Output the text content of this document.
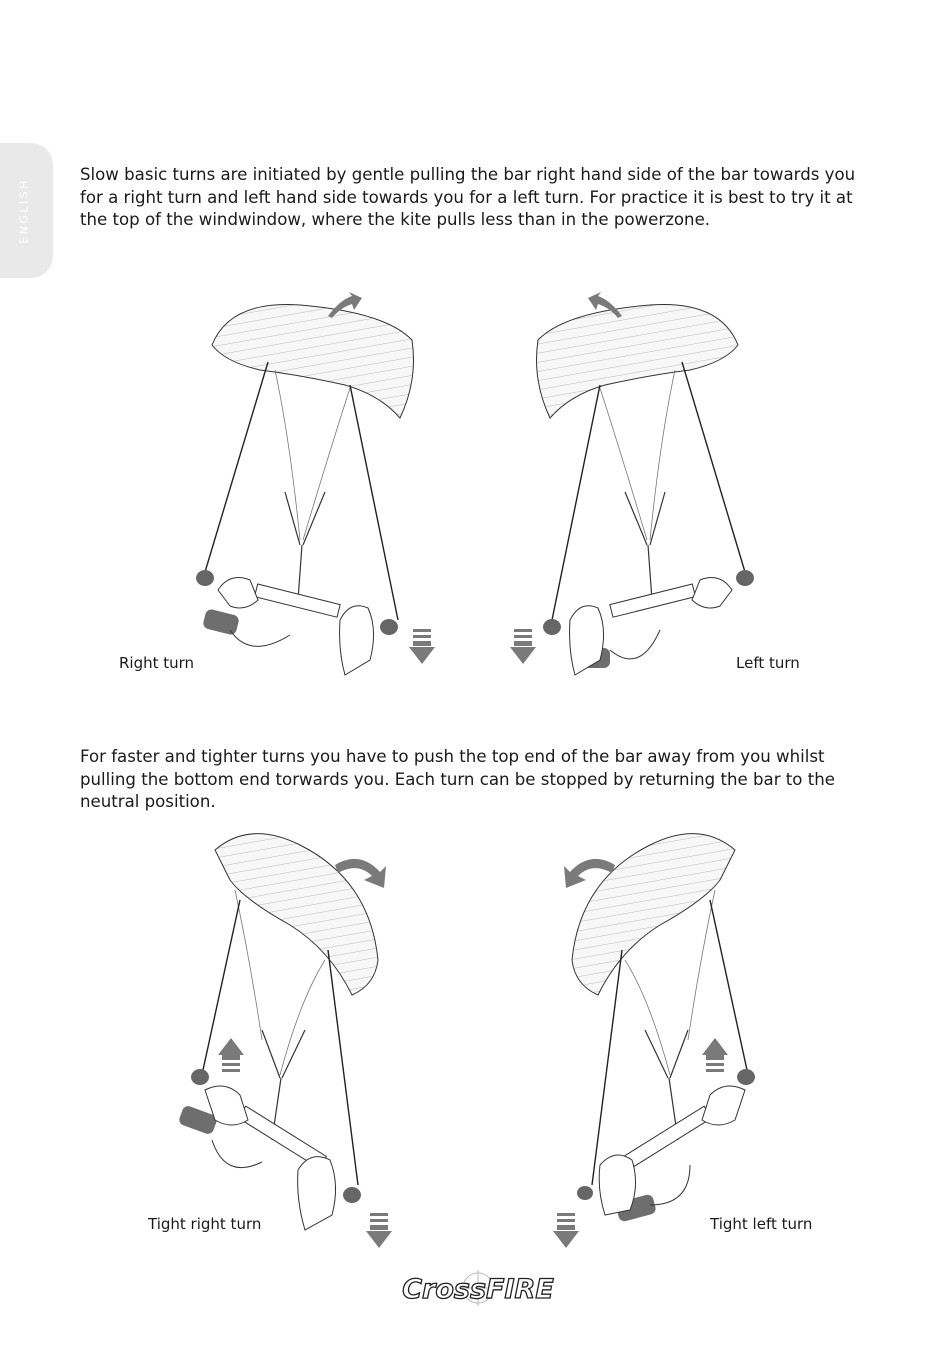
ENGLISH

Slow basic turns are initiated by gentle pulling the bar right hand side of the bar towards you for a right turn and left hand side towards you for a left turn. For practice it is best to try it at the top of the windwindow, where the kite pulls less than in the powerzone.

For faster and tighter turns you have to push the top end of the bar away from you whilst pulling the bottom end torwards you. Each turn can be stopped by returning the bar to the neutral position.

Right turn	Left turn
Tight right turn	Tight left turn
CrossFIRE
